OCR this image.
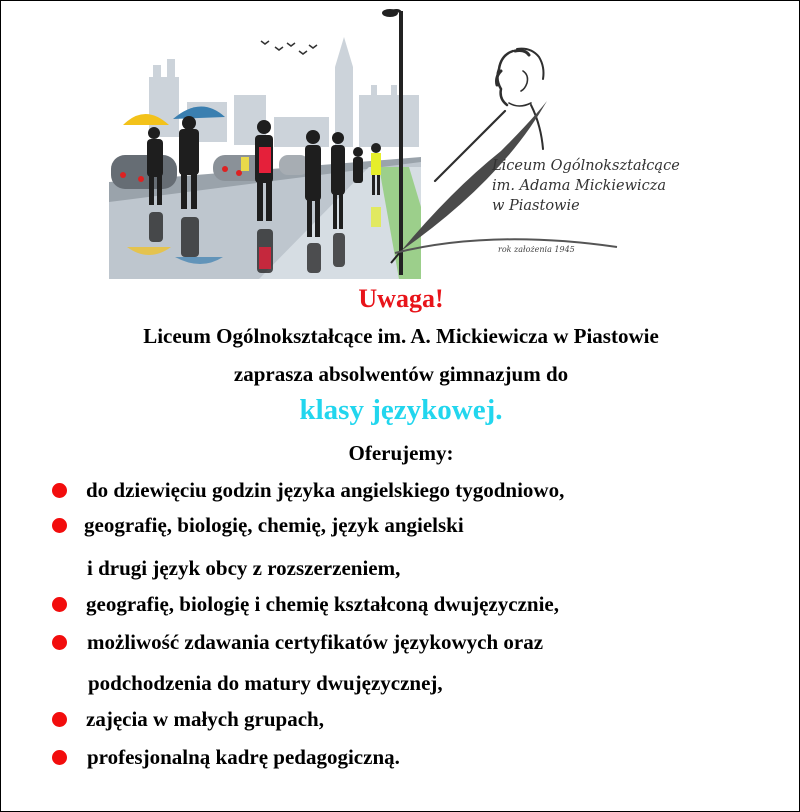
Liceum Ogólnokształcące
im. Adama Mickiewicza
w Piastowie
rok założenia 1945
Uwaga!
Liceum Ogólnokształcące im. A. Mickiewicza w Piastowie
zaprasza absolwentów gimnazjum do
klasy językowej.
Oferujemy:
do dziewięciu godzin języka angielskiego tygodniowo,
geografię, biologię, chemię, język angielski
i drugi język obcy z rozszerzeniem,
geografię, biologię i chemię kształconą dwujęzycznie,
możliwość zdawania certyfikatów językowych oraz
podchodzenia do matury dwujęzycznej,
zajęcia w małych grupach,
profesjonalną kadrę pedagogiczną.
